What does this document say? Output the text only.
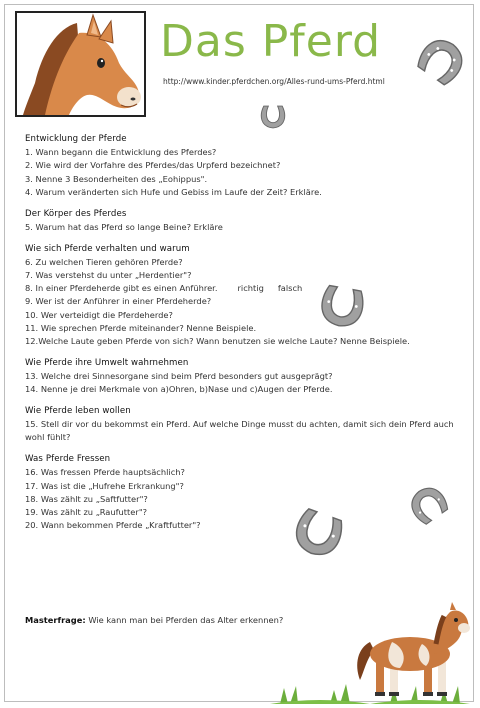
Das Pferd
http://www.kinder.pferdchen.org/Alles-rund-ums-Pferd.html
Entwicklung der Pferde
1. Wann begann die Entwicklung des Pferdes?
2. Wie wird der Vorfahre des Pferdes/das Urpferd bezeichnet?
3. Nenne 3 Besonderheiten des „Eohippus".
4. Warum veränderten sich Hufe und Gebiss im Laufe der Zeit? Erkläre.
Der Körper des Pferdes
5. Warum hat das Pferd so lange Beine? Erkläre
Wie sich Pferde verhalten und warum
6. Zu welchen Tieren gehören Pferde?
7. Was verstehst du unter „Herdentier"?
8. In einer Pferdeherde gibt es einen Anführer. richtig falsch
9. Wer ist der Anführer in einer Pferdeherde?
10. Wer verteidigt die Pferdeherde?
11. Wie sprechen Pferde miteinander? Nenne Beispiele.
12.Welche Laute geben Pferde von sich? Wann benutzen sie welche Laute? Nenne Beispiele.
Wie Pferde ihre Umwelt wahrnehmen
13. Welche drei Sinnesorgane sind beim Pferd besonders gut ausgeprägt?
14. Nenne je drei Merkmale von a)Ohren, b)Nase und c)Augen der Pferde.
Wie Pferde leben wollen
15. Stell dir vor du bekommst ein Pferd. Auf welche Dinge musst du achten, damit sich dein Pferd auch wohl fühlt?
Was Pferde Fressen
16. Was fressen Pferde hauptsächlich?
17. Was ist die „Hufrehe Erkrankung"?
18. Was zählt zu „Saftfutter"?
19. Was zählt zu „Raufutter"?
20. Wann bekommen Pferde „Kraftfutter"?
Masterfrage: Wie kann man bei Pferden das Alter erkennen?
